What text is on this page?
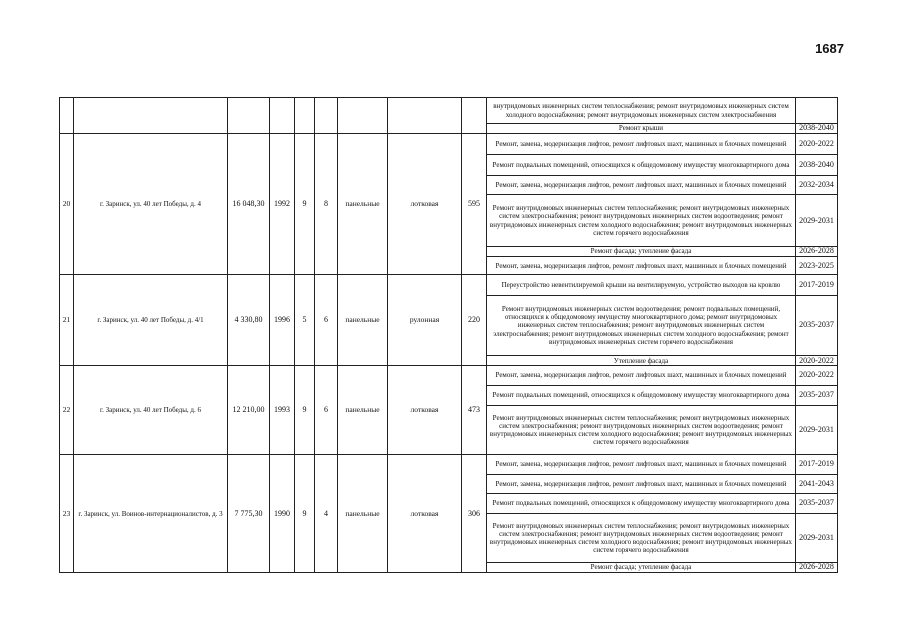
1687
									внутридомовых инженерных систем теплоснабжения; ремонт внутридомовых инженерных систем холодного водоснабжения; ремонт внутридомовых инженерных систем электроснабжения	
									Ремонт крыши	2038-2040
20	г. Заринск, ул. 40 лет Победы, д. 4	16 048,30	1992	9	8	панельные	лотковая	595	Ремонт, замена, модернизация лифтов, ремонт лифтовых шахт, машинных и блочных помещений	2020-2022
									Ремонт подвальных помещений, относящихся к общедомовому имуществу многоквартирного дома	2038-2040
									Ремонт, замена, модернизация лифтов, ремонт лифтовых шахт, машинных и блочных помещений	2032-2034
									Ремонт внутридомовых инженерных систем теплоснабжения; ремонт внутридомовых инженерных систем электроснабжения; ремонт внутридомовых инженерных систем водоотведения; ремонт внутридомовых инженерных систем холодного водоснабжения; ремонт внутридомовых инженерных систем горячего водоснабжения	2029-2031
									Ремонт фасада; утепление фасада	2026-2028
									Ремонт, замена, модернизация лифтов, ремонт лифтовых шахт, машинных и блочных помещений	2023-2025
21	г. Заринск, ул. 40 лет Победы, д. 4/1	4 330,80	1996	5	6	панельные	рулонная	220	Переустройство невентилируемой крыши на вентилируемую, устройство выходов на кровлю	2017-2019
									Ремонт внутридомовых инженерных систем водоотведения; ремонт подвальных помещений, относящихся к общедомовому имуществу многоквартирного дома; ремонт внутридомовых инженерных систем теплоснабжения; ремонт внутридомовых инженерных систем электроснабжения; ремонт внутридомовых инженерных систем холодного водоснабжения; ремонт внутридомовых инженерных систем горячего водоснабжения	2035-2037
									Утепление фасада	2020-2022
22	г. Заринск, ул. 40 лет Победы, д. 6	12 210,00	1993	9	6	панельные	лотковая	473	Ремонт, замена, модернизация лифтов, ремонт лифтовых шахт, машинных и блочных помещений	2020-2022
									Ремонт подвальных помещений, относящихся к общедомовому имуществу многоквартирного дома	2035-2037
									Ремонт внутридомовых инженерных систем теплоснабжения; ремонт внутридомовых инженерных систем электроснабжения; ремонт внутридомовых инженерных систем водоотведения; ремонт внутридомовых инженерных систем холодного водоснабжения; ремонт внутридомовых инженерных систем горячего водоснабжения	2029-2031
23	г. Заринск, ул. Воинов-интернационалистов, д. 3	7 775,30	1990	9	4	панельные	лотковая	306	Ремонт, замена, модернизация лифтов, ремонт лифтовых шахт, машинных и блочных помещений	2017-2019
									Ремонт, замена, модернизация лифтов, ремонт лифтовых шахт, машинных и блочных помещений	2041-2043
									Ремонт подвальных помещений, относящихся к общедомовому имуществу многоквартирного дома	2035-2037
									Ремонт внутридомовых инженерных систем теплоснабжения; ремонт внутридомовых инженерных систем электроснабжения; ремонт внутридомовых инженерных систем водоотведения; ремонт внутридомовых инженерных систем холодного водоснабжения; ремонт внутридомовых инженерных систем горячего водоснабжения	2029-2031
									Ремонт фасада; утепление фасада	2026-2028
